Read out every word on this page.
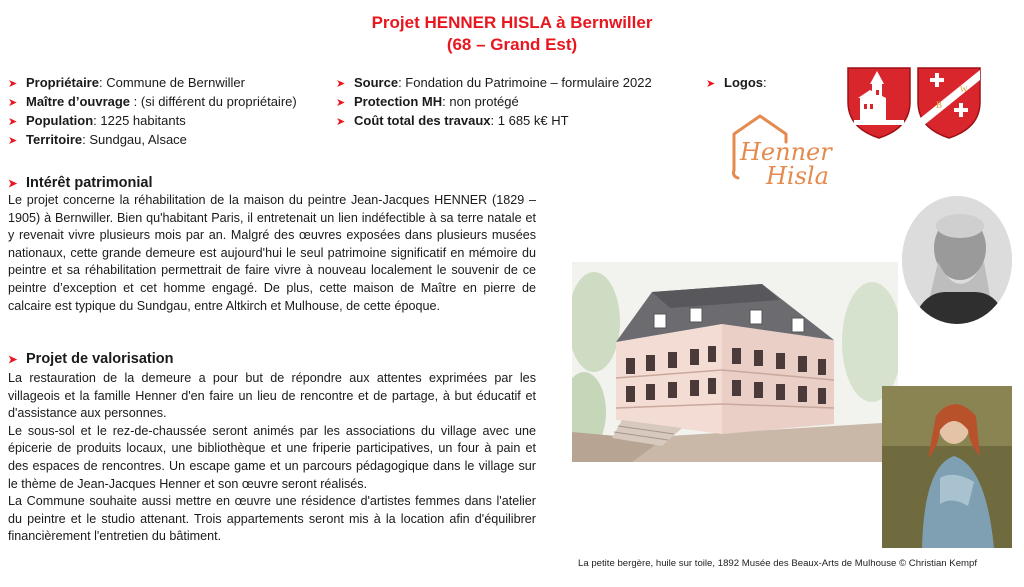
Projet HENNER HISLA à Bernwiller
(68 – Grand Est)
➤ Propriétaire: Commune de Bernwiller
➤ Maître d’ouvrage : (si différent du propriétaire)
➤ Population: 1225 habitants
➤ Territoire: Sundgau, Alsace
➤ Source: Fondation du Patrimoine – formulaire 2022
➤ Protection MH: non protégé
➤ Coût total des travaux: 1 685 k€ HT
➤ Logos:
B
W
Henner
Hisla
➤ Intérêt patrimonial

Le projet concerne la réhabilitation de la maison du peintre Jean-Jacques HENNER (1829 – 1905) à Bernwiller. Bien qu'habitant Paris, il entretenait un lien indéfectible à sa terre natale et y revenait vivre plusieurs mois par an. Malgré des œuvres exposées dans plusieurs musées nationaux, cette grande demeure est aujourd'hui le seul patrimoine significatif en mémoire du peintre et sa réhabilitation permettrait de faire vivre à nouveau localement le souvenir de ce peintre d’exception et cet homme engagé. De plus, cette maison de Maître en pierre de calcaire est typique du Sundgau, entre Altkirch et Mulhouse, de cette époque.

➤ Projet de valorisation

La restauration de la demeure a pour but de répondre aux attentes exprimées par les villageois et la famille Henner d'en faire un lieu de rencontre et de partage, à but éducatif et d'assistance aux personnes.

Le sous-sol et le rez-de-chaussée seront animés par les associations du village avec une épicerie de produits locaux, une bibliothèque et une friperie participatives, un four à pain et des espaces de rencontres. Un escape game et un parcours pédagogique dans le village sur le thème de Jean-Jacques Henner et son œuvre seront réalisés.

La Commune souhaite aussi mettre en œuvre une résidence d'artistes femmes dans l'atelier du peintre et le studio attenant. Trois appartements seront mis à la location afin d'équilibrer financièrement l'entretien du bâtiment.

La petite bergère, huile sur toile, 1892 Musée des Beaux-Arts de Mulhouse © Christian Kempf
